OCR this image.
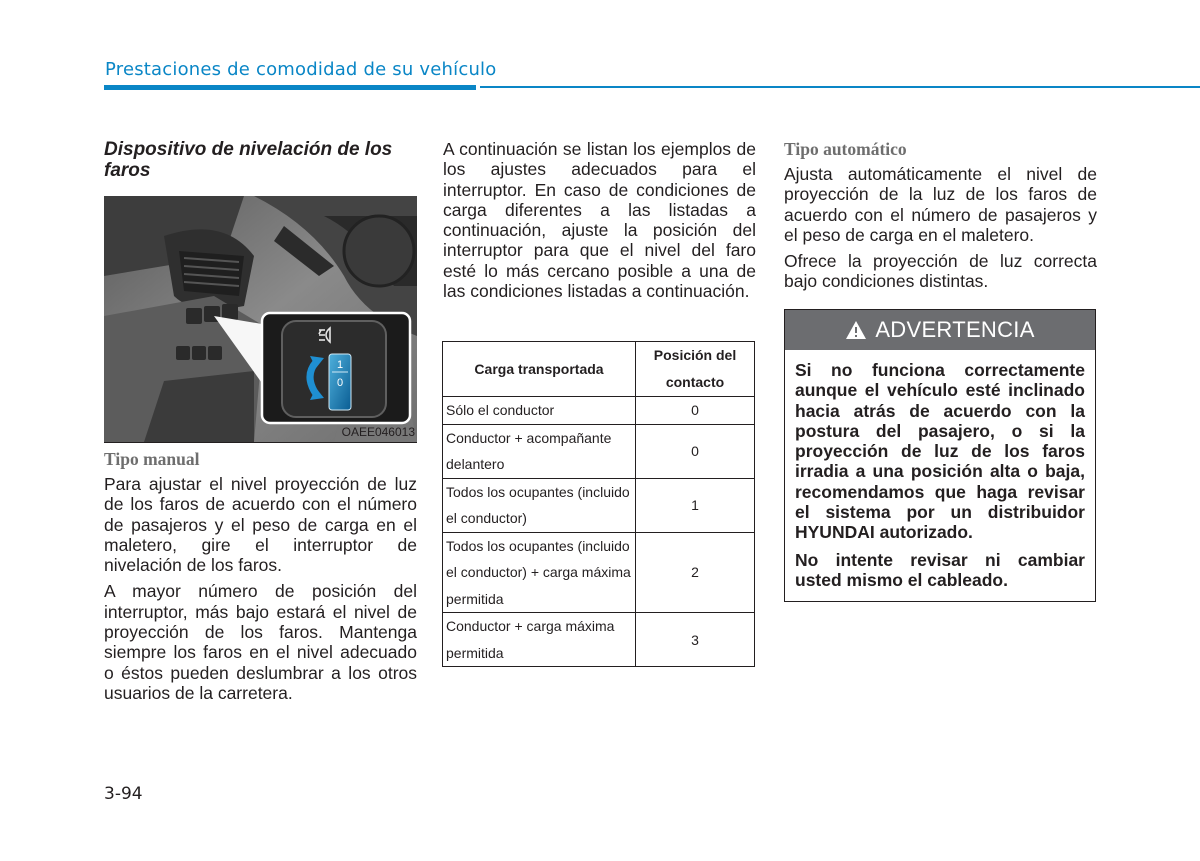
Prestaciones de comodidad de su vehículo
Dispositivo de nivelación de los faros
1
0
OAEE046013
Tipo manual

Para ajustar el nivel proyección de luz de los faros de acuerdo con el número de pasajeros y el peso de carga en el maletero, gire el interruptor de nivelación de los faros.

A mayor número de posición del interruptor, más bajo estará el nivel de proyección de los faros. Mantenga siempre los faros en el nivel adecuado o éstos pueden deslumbrar a los otros usuarios de la carretera.

A continuación se listan los ejemplos de los ajustes adecuados para el interruptor. En caso de condiciones de carga diferentes a las listadas a continuación, ajuste la posición del interruptor para que el nivel del faro esté lo más cercano posible a una de las condiciones listadas a continuación.

Carga transportada	Posición del contacto
Sólo el conductor	0
Conductor + acompañante delantero	0
Todos los ocupantes (incluido el conductor)	1
Todos los ocupantes (incluido el conductor) + carga máxima permitida	2
Conductor + carga máxima permitida	3
Tipo automático

Ajusta automáticamente el nivel de proyección de la luz de los faros de acuerdo con el número de pasajeros y el peso de carga en el maletero.

Ofrece la proyección de luz correcta bajo condiciones distintas.

ADVERTENCIA

Si no funciona correctamente aunque el vehículo esté inclinado hacia atrás de acuerdo con la postura del pasajero, o si la proyección de luz de los faros irradia a una posición alta o baja, recomendamos que haga revisar el sistema por un distribuidor HYUNDAI autorizado.

No intente revisar ni cambiar usted mismo el cableado.

3-94
